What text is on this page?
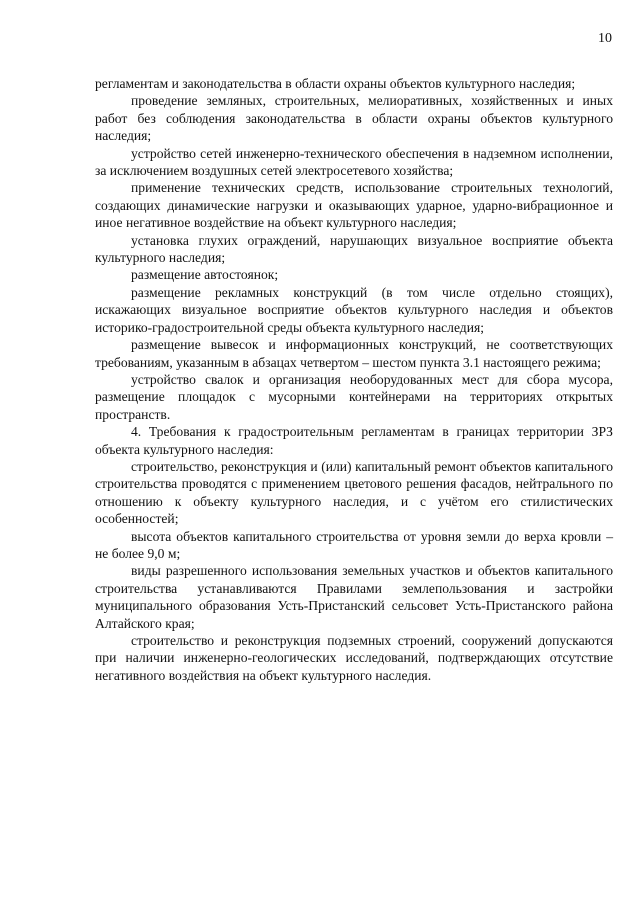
10

регламентам и законодательства в области охраны объектов культурного наследия;

проведение земляных, строительных, мелиоративных, хозяйственных и иных работ без соблюдения законодательства в области охраны объектов культурного наследия;

устройство сетей инженерно-технического обеспечения в надземном исполнении, за исключением воздушных сетей электросетевого хозяйства;

применение технических средств, использование строительных технологий, создающих динамические нагрузки и оказывающих ударное, ударно-вибрационное и иное негативное воздействие на объект культурного наследия;

установка глухих ограждений, нарушающих визуальное восприятие объекта культурного наследия;

размещение автостоянок;

размещение рекламных конструкций (в том числе отдельно стоящих), искажающих визуальное восприятие объектов культурного наследия и объектов историко-градостроительной среды объекта культурного наследия;

размещение вывесок и информационных конструкций, не соответствующих требованиям, указанным в абзацах четвертом – шестом пункта 3.1 настоящего режима;

устройство свалок и организация необорудованных мест для сбора мусора, размещение площадок с мусорными контейнерами на территориях открытых пространств.

4. Требования к градостроительным регламентам в границах территории ЗРЗ объекта культурного наследия:

строительство, реконструкция и (или) капитальный ремонт объектов капитального строительства проводятся с применением цветового решения фасадов, нейтрального по отношению к объекту культурного наследия, и с учётом его стилистических особенностей;

высота объектов капитального строительства от уровня земли до верха кровли – не более 9,0 м;

виды разрешенного использования земельных участков и объектов капитального строительства устанавливаются Правилами землепользования и застройки муниципального образования Усть-Пристанский сельсовет Усть-Пристанского района Алтайского края;

строительство и реконструкция подземных строений, сооружений допускаются при наличии инженерно-геологических исследований, подтверждающих отсутствие негативного воздействия на объект культурного наследия.
